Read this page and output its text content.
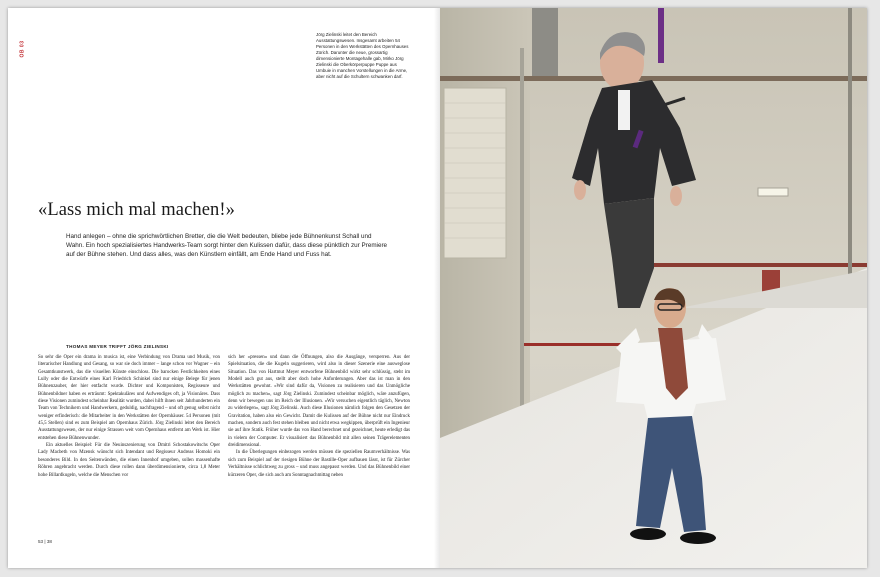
OB 03
Jörg Zielinski leitet den Bereich Ausstattungswesen. Insgesamt arbeiten 54 Personen in den Werkstätten des Opernhauses Zürich. Darunter die neue, grossartig dimensionierte Montagehalle gab, Mirko Jörg Zielinski die Oberkörperpuppe Puppe aus Umbuie in manchen Vorstellungen in die Arme, aber nicht auf die Schultern schwanken darf.
«Lass mich mal machen!»

Hand anlegen – ohne die sprichwörtlichen Bretter, die die Welt bedeuten, bliebe jede Bühnenkunst Schall und Wahn. Ein hoch spezialisiertes Handwerks-Team sorgt hinter den Kulissen dafür, dass diese pünktlich zur Premiere auf der Bühne stehen. Und dass alles, was den Künstlern einfällt, am Ende Hand und Fuss hat.

THOMAS MEYER TRIFFT JÖRG ZIELINSKI

So sehr die Oper ein drama in musica ist, eine Verbindung von Drama und Musik, von literarischer Handlung und Gesang, so war sie doch immer – lange schon vor Wagner – ein Gesamtkunstwerk, das die visuellen Künste einschloss. Die barocken Festlichkeiten eines Lully oder die Entwürfe eines Karl Friedrich Schinkel sind nur einige Belege für jenen Bühnenzauber, der hier entfacht wurde. Dichter und Komponisten, Regisseure und Bühnenbildner haben es erträumt: Spektakuläres und Aufwendiges oft, ja Visionäres. Dass diese Visionen zumindest scheinbar Realität wurden, dabei hilft ihnen seit Jahrhunderten ein Team von Technikern und Handwerkern, geduldig, nachfragend – und oft genug selbst nicht weniger erfinderisch: die Mitarbeiter in den Werkstätten der Opernhäuser. 54 Personen (mit 45,5 Stellen) sind es zum Beispiel am Opernhaus Zürich. Jörg Zielinski leitet den Bereich Ausstattungswesen, der nur einige Strassen weit vom Opernhaus entfernt am Werk ist. Hier entstehen diese Bühnenwunder.

Ein aktuelles Beispiel: Für die Neuinszenierung von Dmitri Schostakowitschs Oper Lady Macbeth von Mzensk wünscht sich Intendant und Regisseur Andreas Homoki ein besonderes Bild. In den Seitenwänden, die einen Innenhof umgeben, sollen massenhafte Röhren angebracht werden. Durch diese rollen dann überdimensionierte, circa 1,8 Meter hohe Billardkugeln, welche die Menschen vor

sich her »pressen« und dann die Öffnungen, also die Ausgänge, versperren. Aus der Spielsituation, die die Kugeln suggerieren, wird also in dieser Szenerie eine ausweglose Situation. Das von Hartmut Meyer entworfene Bühnenbild wirkt sehr schlüssig, steht im Modell auch gut aus, stellt aber doch hohe Anforderungen. Aber das ist man in den Werkstätten gewohnt. «Wir sind dafür da, Visionen zu realisieren und das Unmögliche möglich zu machen», sagt Jörg Zielinski. Zumindest scheinbar möglich, wäre anzufügen, denn wir bewegen uns im Reich der Illusionen. «Wir versuchen eigentlich täglich, Newton zu widerlegen», sagt Jörg Zielinski. Auch diese Illusionen nämlich folgen den Gesetzen der Gravitation, haben also ein Gewicht. Damit die Kulissen auf der Bühne nicht nur Eindruck machen, sondern auch fest stehen bleiben und nicht etwa wegkippen, überprüft ein Ingenieur sie auf ihre Statik. Früher wurde das von Hand berechnet und gezeichnet, heute erledigt das in vielem der Computer. Er visualisiert das Bühnenbild mit allen seinen Trägerelementen dreidimensional.

In die Überlegungen einbezogen werden müssen die speziellen Raumverhältnisse. Was sich zum Beispiel auf der riesigen Bühne der Bastille-Oper aufbauen lässt, ist für Zürcher Verhältnisse schlichtweg zu gross – und muss angepasst werden. Und das Bühnenbild einer kürzeren Oper, die sich auch am Sonntagnachmittag neben

53 | 38
